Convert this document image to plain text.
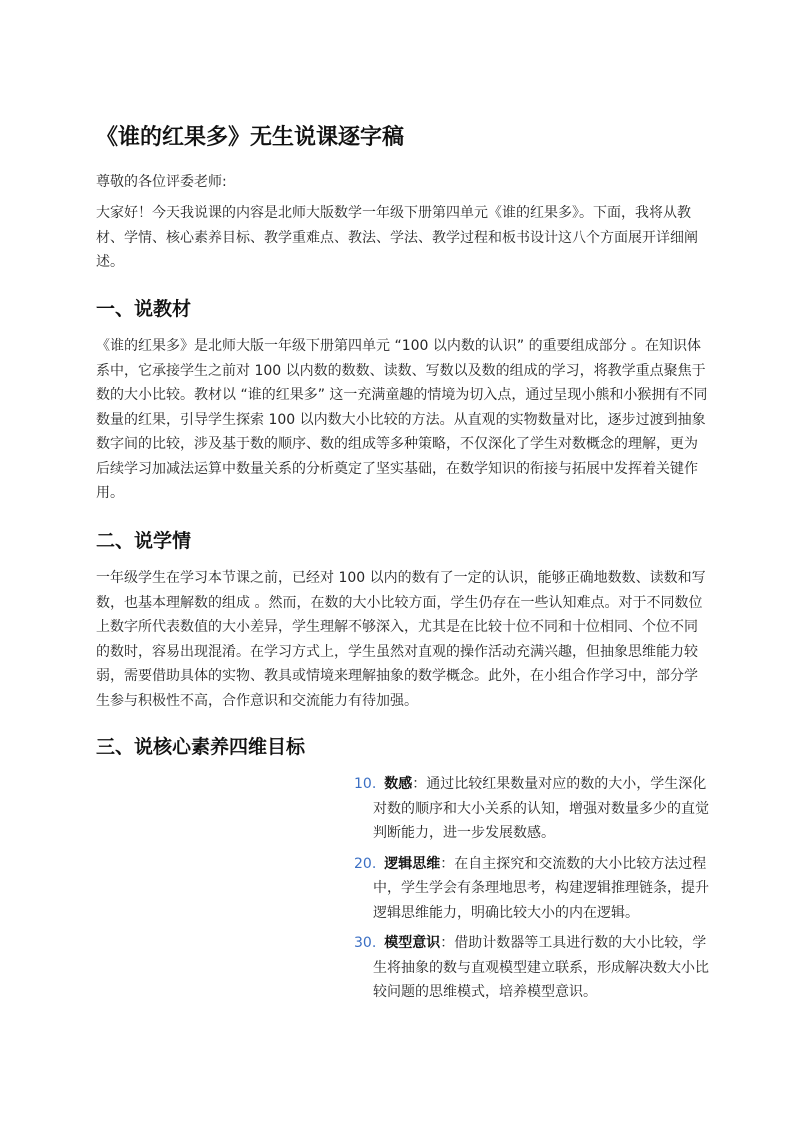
《谁的红果多》无生说课逐字稿

尊敬的各位评委老师:

大家好！今天我说课的内容是北师大版数学一年级下册第四单元《谁的红果多》。下面，我将从教材、学情、核心素养目标、教学重难点、教法、学法、教学过程和板书设计这八个方面展开详细阐述。

一、说教材

《谁的红果多》是北师大版一年级下册第四单元 “100 以内数的认识” 的重要组成部分 。在知识体系中，它承接学生之前对 100 以内数的数数、读数、写数以及数的组成的学习，将教学重点聚焦于数的大小比较。教材以 “谁的红果多” 这一充满童趣的情境为切入点，通过呈现小熊和小猴拥有不同数量的红果，引导学生探索 100 以内数大小比较的方法。从直观的实物数量对比，逐步过渡到抽象数字间的比较，涉及基于数的顺序、数的组成等多种策略，不仅深化了学生对数概念的理解，更为后续学习加减法运算中数量关系的分析奠定了坚实基础，在数学知识的衔接与拓展中发挥着关键作用。

二、说学情

一年级学生在学习本节课之前，已经对 100 以内的数有了一定的认识，能够正确地数数、读数和写数，也基本理解数的组成 。然而，在数的大小比较方面，学生仍存在一些认知难点。对于不同数位上数字所代表数值的大小差异，学生理解不够深入，尤其是在比较十位不同和十位相同、个位不同的数时，容易出现混淆。在学习方式上，学生虽然对直观的操作活动充满兴趣，但抽象思维能力较弱，需要借助具体的实物、教具或情境来理解抽象的数学概念。此外，在小组合作学习中，部分学生参与积极性不高，合作意识和交流能力有待加强。

三、说核心素养四维目标
10. 数感：通过比较红果数量对应的数的大小，学生深化对数的顺序和大小关系的认知，增强对数量多少的直觉判断能力，进一步发展数感。
20. 逻辑思维：在自主探究和交流数的大小比较方法过程中，学生学会有条理地思考，构建逻辑推理链条，提升逻辑思维能力，明确比较大小的内在逻辑。
30. 模型意识：借助计数器等工具进行数的大小比较，学生将抽象的数与直观模型建立联系，形成解决数大小比较问题的思维模式，培养模型意识。
